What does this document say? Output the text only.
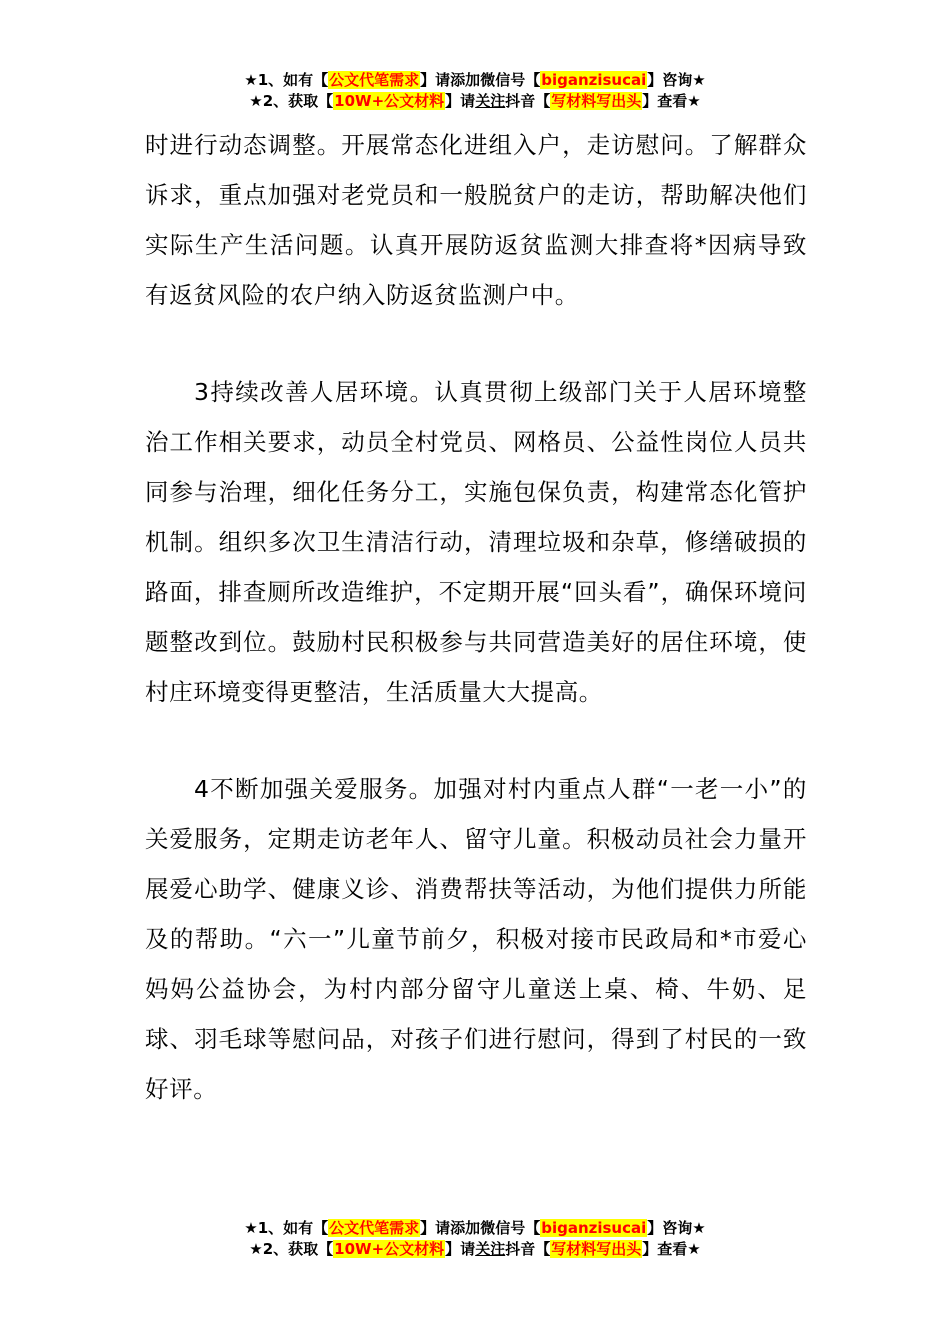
★1、如有【公文代笔需求】请添加微信号【biganzisucai】咨询★
★2、获取【10W+公文材料】请关注抖音【写材料写出头】查看★

时进行动态调整。开展常态化进组入户，走访慰问。了解群众诉求，重点加强对老党员和一般脱贫户的走访，帮助解决他们实际生产生活问题。认真开展防返贫监测大排查将*因病导致有返贫风险的农户纳入防返贫监测户中。

3持续改善人居环境。认真贯彻上级部门关于人居环境整治工作相关要求，动员全村党员、网格员、公益性岗位人员共同参与治理，细化任务分工，实施包保负责，构建常态化管护机制。组织多次卫生清洁行动，清理垃圾和杂草，修缮破损的路面，排查厕所改造维护，不定期开展“回头看”，确保环境问题整改到位。鼓励村民积极参与共同营造美好的居住环境，使村庄环境变得更整洁，生活质量大大提高。

4不断加强关爱服务。加强对村内重点人群“一老一小”的关爱服务，定期走访老年人、留守儿童。积极动员社会力量开展爱心助学、健康义诊、消费帮扶等活动，为他们提供力所能及的帮助。“六一”儿童节前夕，积极对接市民政局和*市爱心妈妈公益协会，为村内部分留守儿童送上桌、椅、牛奶、足球、羽毛球等慰问品，对孩子们进行慰问，得到了村民的一致好评。

★1、如有【公文代笔需求】请添加微信号【biganzisucai】咨询★
★2、获取【10W+公文材料】请关注抖音【写材料写出头】查看★
